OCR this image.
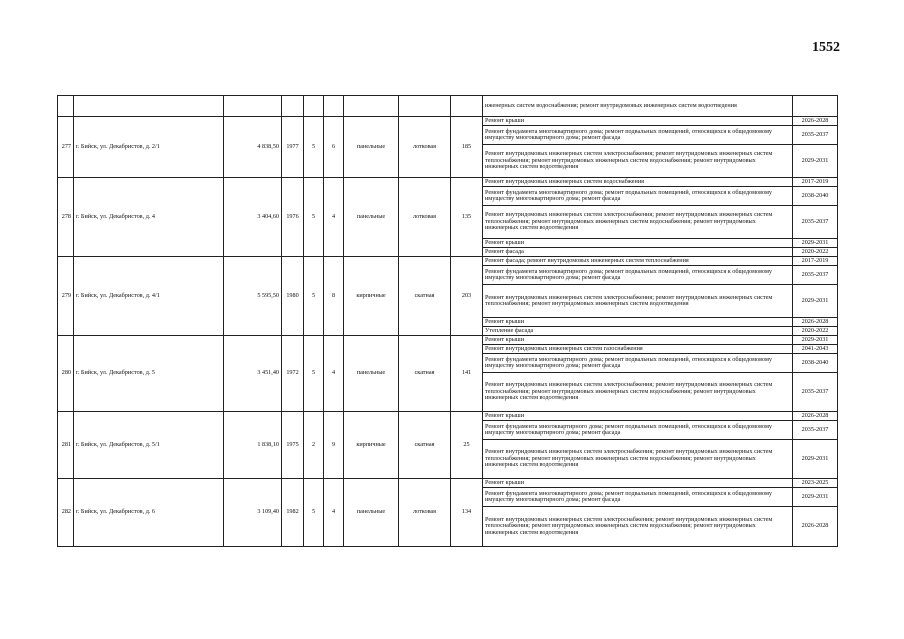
1552
									нженерных систем водоснабжения; ремонт внутридомовых инженерных систем водоотведения	
277	г. Бийск, ул. Декабристов, д. 2/1	4 838,50	1977	5	6	панельные	лотковая	185	Ремонт крыши	2026-2028
									Ремонт фундамента многоквартирного дома; ремонт подвальных помещений, относящихся к общедомовому имуществу многоквартирного дома; ремонт фасада	2035-2037
									Ремонт внутридомовых инженерных систем электроснабжения; ремонт внутридомовых инженерных систем теплоснабжения; ремонт внутридомовых инженерных систем водоснабжения; ремонт внутридомовых инженерных систем водоотведения	2029-2031
278	г. Бийск, ул. Декабристов, д. 4	3 404,60	1976	5	4	панельные	лотковая	135	Ремонт внутридомовых инженерных систем водоснабжения	2017-2019
									Ремонт фундамента многоквартирного дома; ремонт подвальных помещений, относящихся к общедомовому имуществу многоквартирного дома; ремонт фасада	2038-2040
									Ремонт внутридомовых инженерных систем электроснабжения; ремонт внутридомовых инженерных систем теплоснабжения; ремонт внутридомовых инженерных систем водоснабжения; ремонт внутридомовых инженерных систем водоотведения	2035-2037
									Ремонт крыши	2029-2031
									Ремонт фасада	2020-2022
279	г. Бийск, ул. Декабристов, д. 4/1	5 595,50	1980	5	8	кирпичные	скатная	203	Ремонт фасада; ремонт внутридомовых инженерных систем теплоснабжения	2017-2019
									Ремонт фундамента многоквартирного дома; ремонт подвальных помещений, относящихся к общедомовому имуществу многоквартирного дома; ремонт фасада	2035-2037
									Ремонт внутридомовых инженерных систем электроснабжения; ремонт внутридомовых инженерных систем теплоснабжения; ремонт внутридомовых инженерных систем водоотведения	2029-2031
									Ремонт крыши	2026-2028
									Утепление фасада	2020-2022
280	г. Бийск, ул. Декабристов, д. 5	3 451,40	1972	5	4	панельные	скатная	141	Ремонт крыши	2029-2031
									Ремонт внутридомовых инженерных систем газоснабжения	2041-2043
									Ремонт фундамента многоквартирного дома; ремонт подвальных помещений, относящихся к общедомовому имуществу многоквартирного дома; ремонт фасада	2038-2040
									Ремонт внутридомовых инженерных систем электроснабжения; ремонт внутридомовых инженерных систем теплоснабжения; ремонт внутридомовых инженерных систем водоснабжения; ремонт внутридомовых инженерных систем водоотведения	2035-2037
281	г. Бийск, ул. Декабристов, д. 5/1	1 838,10	1975	2	9	кирпичные	скатная	25	Ремонт крыши	2026-2028
									Ремонт фундамента многоквартирного дома; ремонт подвальных помещений, относящихся к общедомовому имуществу многоквартирного дома; ремонт фасада	2035-2037
									Ремонт внутридомовых инженерных систем электроснабжения; ремонт внутридомовых инженерных систем теплоснабжения; ремонт внутридомовых инженерных систем водоснабжения; ремонт внутридомовых инженерных систем водоотведения	2029-2031
282	г. Бийск, ул. Декабристов, д. 6	3 109,40	1982	5	4	панельные	лотковая	134	Ремонт крыши	2023-2025
									Ремонт фундамента многоквартирного дома; ремонт подвальных помещений, относящихся к общедомовому имуществу многоквартирного дома; ремонт фасада	2029-2031
									Ремонт внутридомовых инженерных систем электроснабжения; ремонт внутридомовых инженерных систем теплоснабжения; ремонт внутридомовых инженерных систем водоснабжения; ремонт внутридомовых инженерных систем водоотведения	2026-2028
